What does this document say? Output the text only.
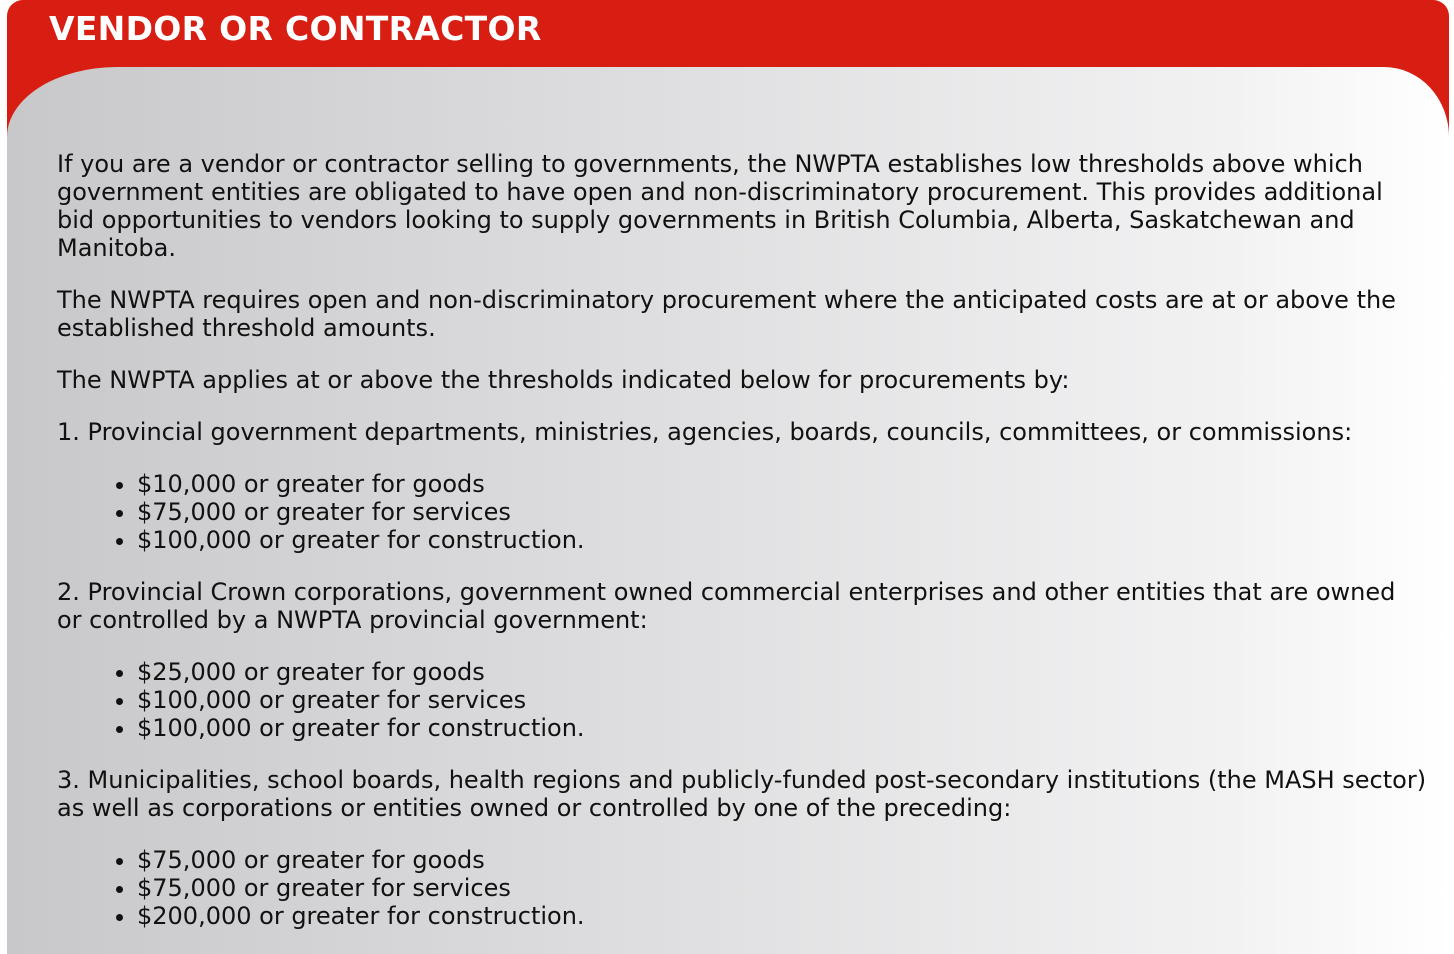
VENDOR OR CONTRACTOR

If you are a vendor or contractor selling to governments, the NWPTA establishes low thresholds above which government entities are obligated to have open and non-discriminatory procurement. This provides additional bid opportunities to vendors looking to supply governments in British Columbia, Alberta, Saskatchewan and Manitoba.

The NWPTA requires open and non-discriminatory procurement where the anticipated costs are at or above the established threshold amounts.

The NWPTA applies at or above the thresholds indicated below for procurements by:

1. Provincial government departments, ministries, agencies, boards, councils, committees, or commissions:

• $10,000 or greater for goods
• $75,000 or greater for services
• $100,000 or greater for construction.

2. Provincial Crown corporations, government owned commercial enterprises and other entities that are owned or controlled by a NWPTA provincial government:

• $25,000 or greater for goods
• $100,000 or greater for services
• $100,000 or greater for construction.

3. Municipalities, school boards, health regions and publicly-funded post-secondary institutions (the MASH sector) as well as corporations or entities owned or controlled by one of the preceding:

• $75,000 or greater for goods
• $75,000 or greater for services
• $200,000 or greater for construction.
